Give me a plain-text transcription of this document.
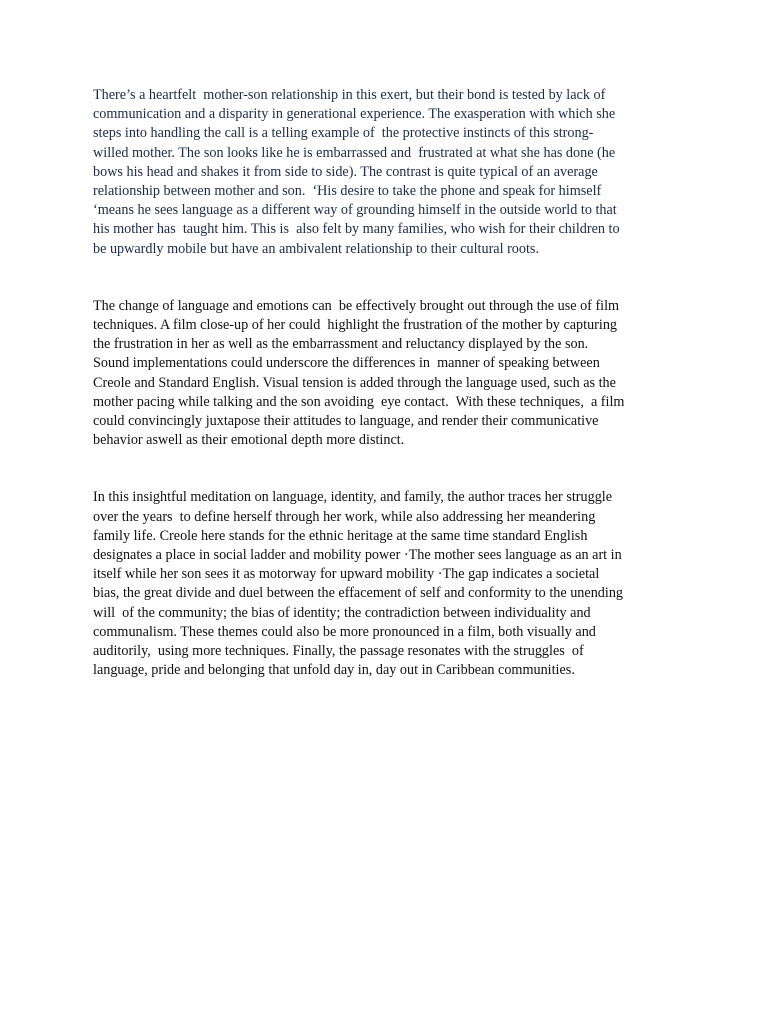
There’s a heartfelt  mother-son relationship in this exert, but their bond is tested by lack of
communication and a disparity in generational experience. The exasperation with which she
steps into handling the call is a telling example of  the protective instincts of this strong-
willed mother. The son looks like he is embarrassed and  frustrated at what she has done (he
bows his head and shakes it from side to side). The contrast is quite typical of an average
relationship between mother and son.  ‘His desire to take the phone and speak for himself
‘means he sees language as a different way of grounding himself in the outside world to that
his mother has  taught him. This is  also felt by many families, who wish for their children to
be upwardly mobile but have an ambivalent relationship to their cultural roots.

The change of language and emotions can  be effectively brought out through the use of film
techniques. A film close-up of her could  highlight the frustration of the mother by capturing
the frustration in her as well as the embarrassment and reluctancy displayed by the son.
Sound implementations could underscore the differences in  manner of speaking between
Creole and Standard English. Visual tension is added through the language used, such as the
mother pacing while talking and the son avoiding  eye contact.  With these techniques,  a film
could convincingly juxtapose their attitudes to language, and render their communicative
behavior aswell as their emotional depth more distinct.

In this insightful meditation on language, identity, and family, the author traces her struggle
over the years  to define herself through her work, while also addressing her meandering
family life. Creole here stands for the ethnic heritage at the same time standard English
designates a place in social ladder and mobility power ·The mother sees language as an art in
itself while her son sees it as motorway for upward mobility ·The gap indicates a societal
bias, the great divide and duel between the effacement of self and conformity to the unending
will  of the community; the bias of identity; the contradiction between individuality and
communalism. These themes could also be more pronounced in a film, both visually and
auditorily,  using more techniques. Finally, the passage resonates with the struggles  of
language, pride and belonging that unfold day in, day out in Caribbean communities.
